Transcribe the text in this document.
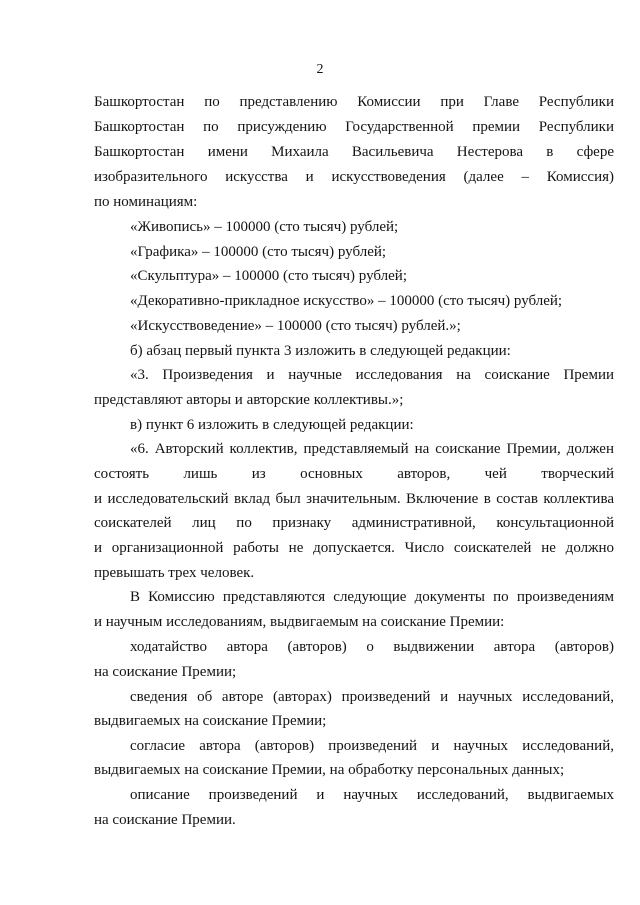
2
Башкортостан по представлению Комиссии при Главе Республики
Башкортостан по присуждению Государственной премии Республики
Башкортостан имени Михаила Васильевича Нестерова в сфере
изобразительного искусства и искусствоведения (далее – Комиссия)
по номинациям:
«Живопись» – 100000 (сто тысяч) рублей;
«Графика» – 100000 (сто тысяч) рублей;
«Скульптура» – 100000 (сто тысяч) рублей;
«Декоративно-прикладное искусство» – 100000 (сто тысяч) рублей;
«Искусствоведение» – 100000 (сто тысяч) рублей.»;
б) абзац первый пункта 3 изложить в следующей редакции:
«3. Произведения и научные исследования на соискание Премии
представляют авторы и авторские коллективы.»;
в) пункт 6 изложить в следующей редакции:
«6. Авторский коллектив, представляемый на соискание Премии, должен
состоять лишь из основных авторов, чей творческий
и исследовательский вклад был значительным. Включение в состав коллектива
соискателей лиц по признаку административной, консультационной
и организационной работы не допускается. Число соискателей не должно
превышать трех человек.
В Комиссию представляются следующие документы по произведениям
и научным исследованиям, выдвигаемым на соискание Премии:
ходатайство автора (авторов) о выдвижении автора (авторов)
на соискание Премии;
сведения об авторе (авторах) произведений и научных исследований,
выдвигаемых на соискание Премии;
согласие автора (авторов) произведений и научных исследований,
выдвигаемых на соискание Премии, на обработку персональных данных;
описание произведений и научных исследований, выдвигаемых
на соискание Премии.
